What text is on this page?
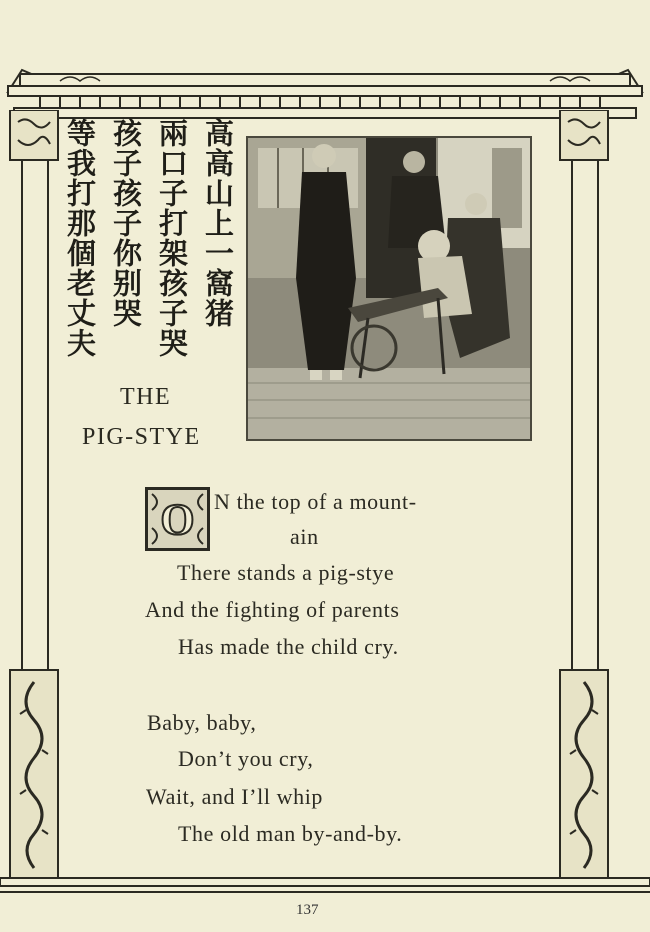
高高山上一窩猪
兩口子打架孩子哭
孩子孩子你别哭
等我打那個老丈夫
THE
PIG-STYE
O N the top of a mount-
ain
There stands a pig-stye
And the fighting of parents
Has made the child cry.
Baby, baby,
Don’t you cry,
Wait, and I’ll whip
The old man by-and-by.
137
